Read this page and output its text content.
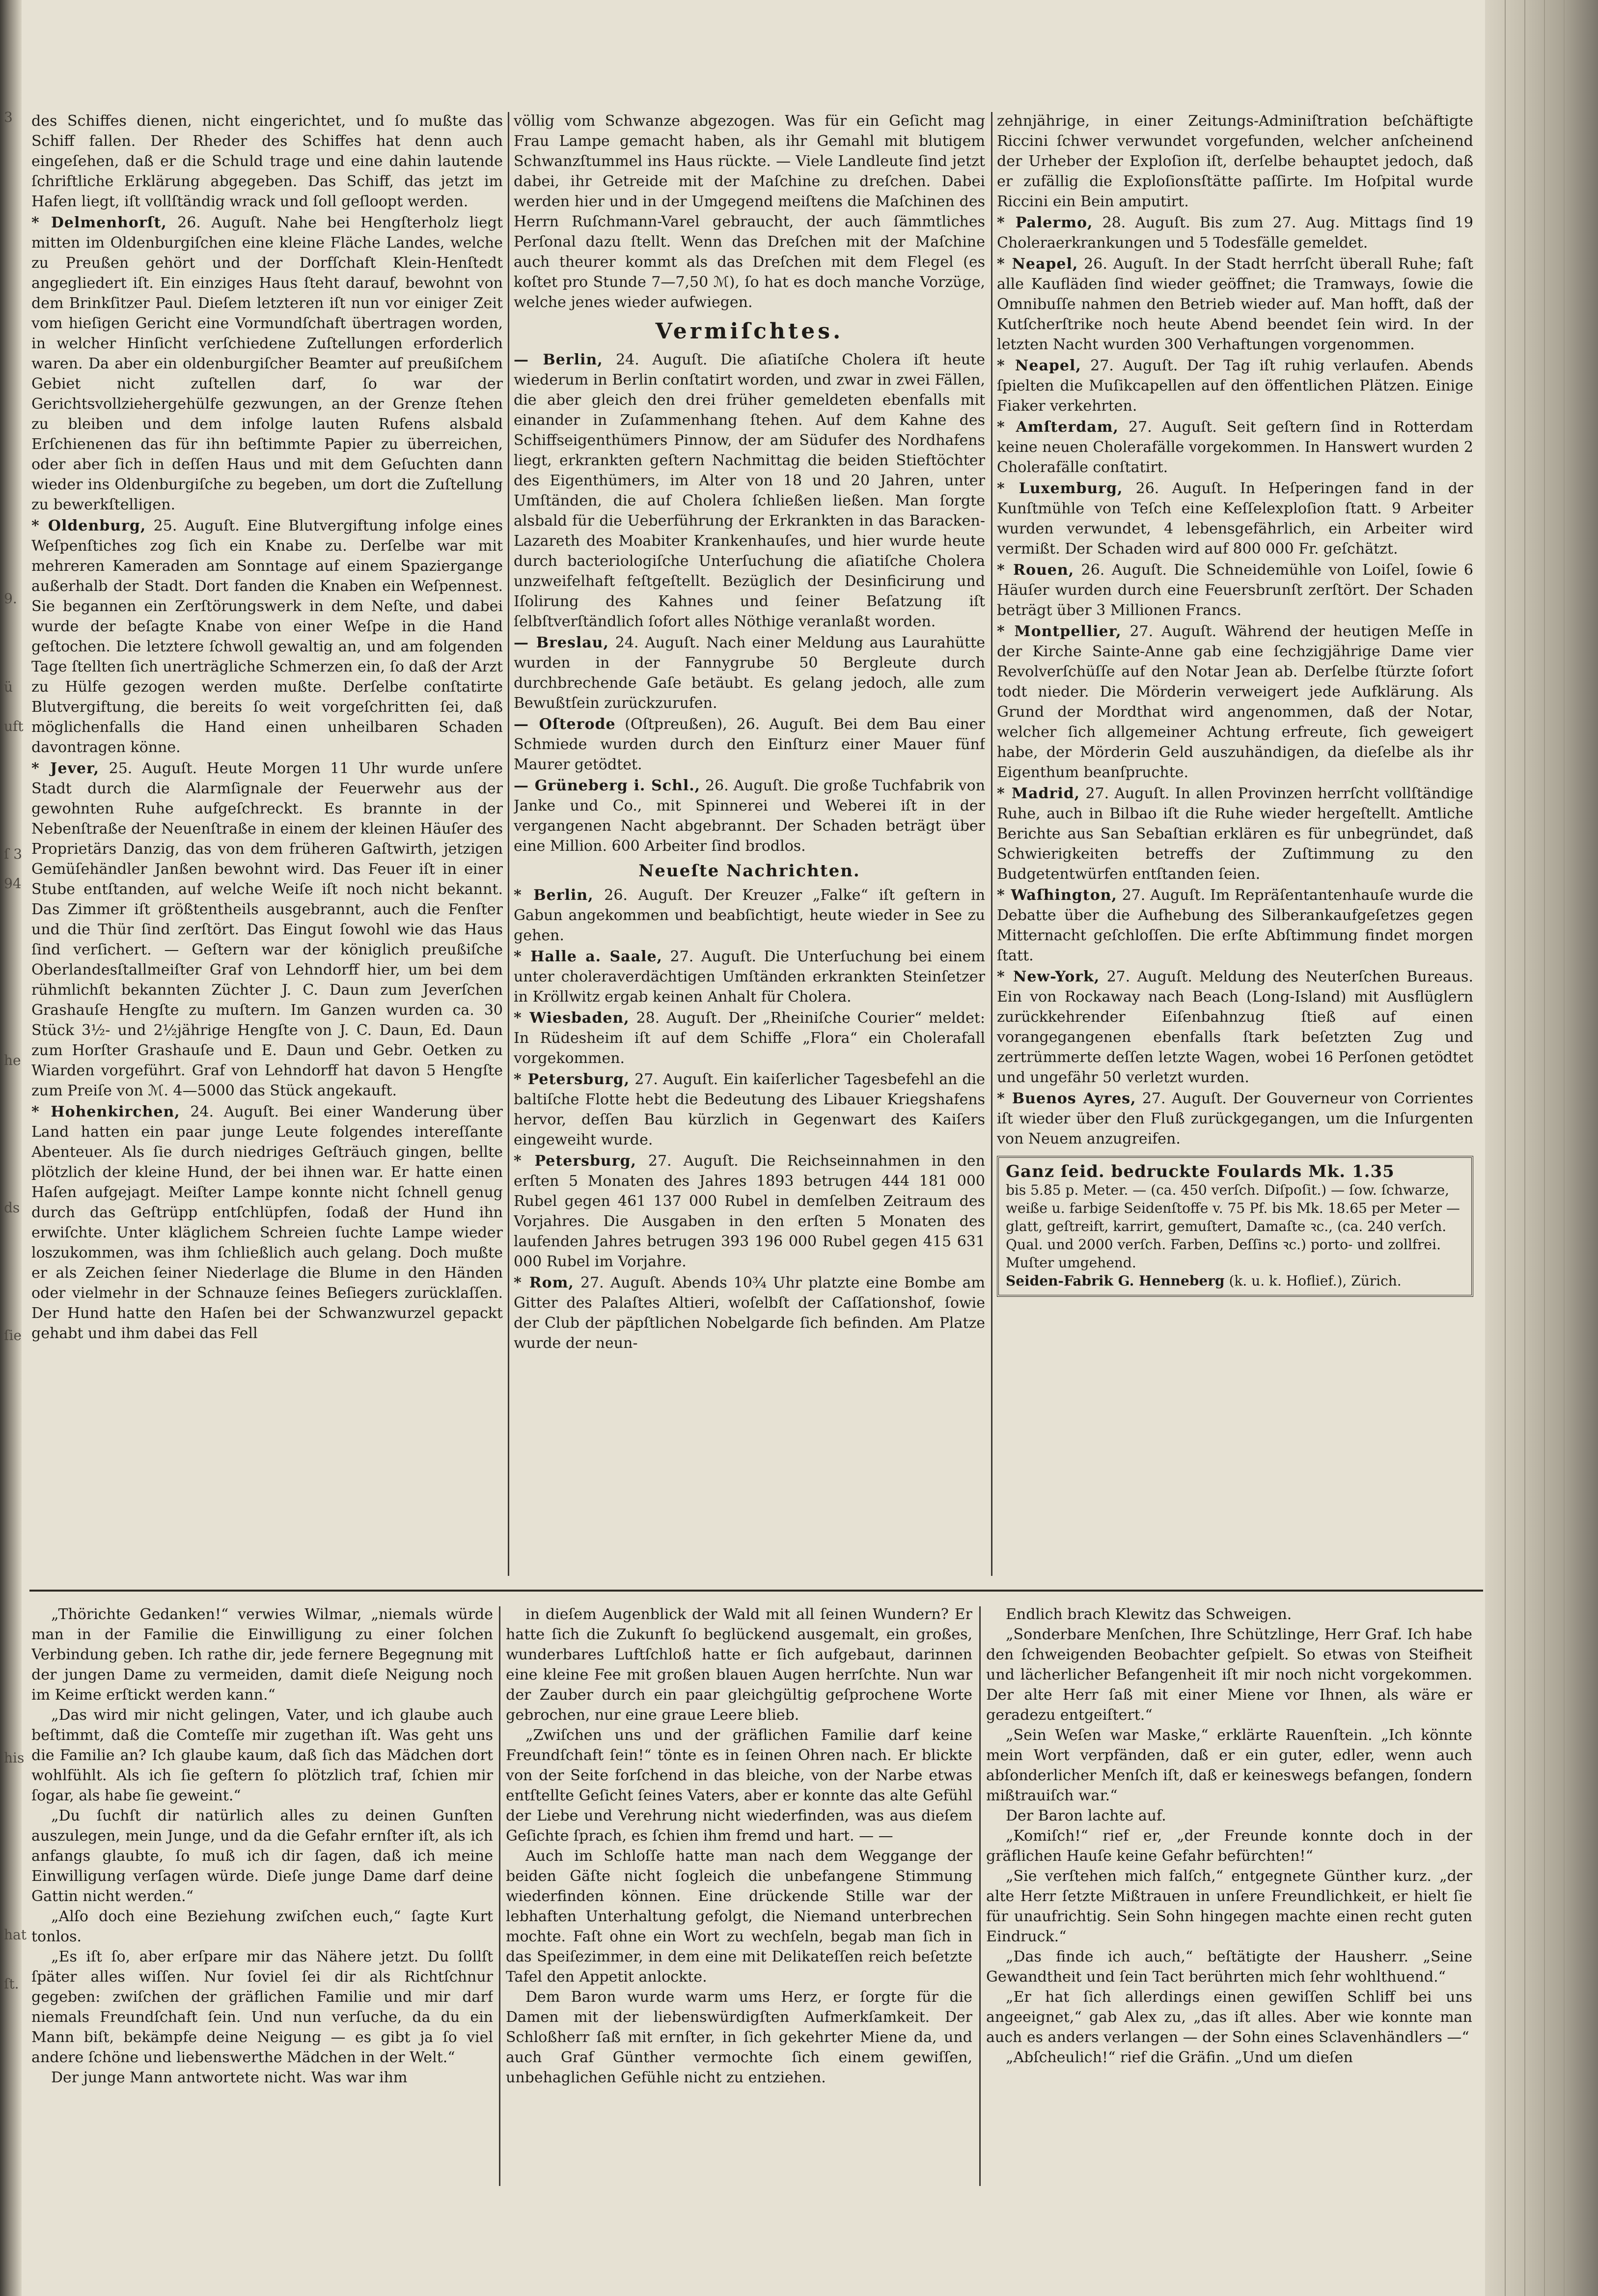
3
9.
ü
uft
ſ 3
94
he
ds
ſie
his
hat
ſt.

des Schiffes dienen, nicht eingerichtet, und ſo mußte das Schiff fallen. Der Rheder des Schiffes hat denn auch eingeſehen, daß er die Schuld trage und eine dahin lautende ſchriftliche Erklärung abgegeben. Das Schiff, das jetzt im Hafen liegt, iſt vollſtändig wrack und ſoll geſloopt werden.

* Delmenhorſt, 26. Auguſt. Nahe bei Hengſterholz liegt mitten im Oldenburgiſchen eine kleine Fläche Landes, welche zu Preußen gehört und der Dorfſchaft Klein-Henſtedt angegliedert iſt. Ein einziges Haus ſteht darauf, bewohnt von dem Brinkſitzer Paul. Dieſem letzteren iſt nun vor einiger Zeit vom hieſigen Gericht eine Vormundſchaft übertragen worden, in welcher Hinſicht verſchiedene Zuſtellungen erforderlich waren. Da aber ein oldenburgiſcher Beamter auf preußiſchem Gebiet nicht zuſtellen darf, ſo war der Gerichtsvollziehergehülfe gezwungen, an der Grenze ſtehen zu bleiben und dem infolge lauten Rufens alsbald Erſchienenen das für ihn beſtimmte Papier zu überreichen, oder aber ſich in deſſen Haus und mit dem Geſuchten dann wieder ins Oldenburgiſche zu begeben, um dort die Zuſtellung zu bewerkſtelligen.

* Oldenburg, 25. Auguſt. Eine Blutvergiftung infolge eines Weſpenſtiches zog ſich ein Knabe zu. Derſelbe war mit mehreren Kameraden am Sonntage auf einem Spaziergange außerhalb der Stadt. Dort fanden die Knaben ein Weſpennest. Sie begannen ein Zerſtörungswerk in dem Neſte, und dabei wurde der beſagte Knabe von einer Weſpe in die Hand geſtochen. Die letztere ſchwoll gewaltig an, und am folgenden Tage ſtellten ſich unerträgliche Schmerzen ein, ſo daß der Arzt zu Hülfe gezogen werden mußte. Derſelbe conſtatirte Blutvergiftung, die bereits ſo weit vorgeſchritten ſei, daß möglichenfalls die Hand einen unheilbaren Schaden davontragen könne.

* Jever, 25. Auguſt. Heute Morgen 11 Uhr wurde unſere Stadt durch die Alarmſignale der Feuerwehr aus der gewohnten Ruhe aufgeſchreckt. Es brannte in der Nebenſtraße der Neuenſtraße in einem der kleinen Häuſer des Proprietärs Danzig, das von dem früheren Gaſtwirth, jetzigen Gemüſehändler Janßen bewohnt wird. Das Feuer iſt in einer Stube entſtanden, auf welche Weiſe iſt noch nicht bekannt. Das Zimmer iſt größtentheils ausgebrannt, auch die Fenſter und die Thür ſind zerſtört. Das Eingut ſowohl wie das Haus ſind verſichert. — Geſtern war der königlich preußiſche Oberlandesſtallmeiſter Graf von Lehndorff hier, um bei dem rühmlichſt bekannten Züchter J. C. Daun zum Jeverſchen Grashauſe Hengſte zu muſtern. Im Ganzen wurden ca. 30 Stück 3½- und 2½jährige Hengſte von J. C. Daun, Ed. Daun zum Horſter Grashauſe und E. Daun und Gebr. Oetken zu Wiarden vorgeführt. Graf von Lehndorff hat davon 5 Hengſte zum Preiſe von ℳ. 4—5000 das Stück angekauft.

* Hohenkirchen, 24. Auguſt. Bei einer Wanderung über Land hatten ein paar junge Leute folgendes intereſſante Abenteuer. Als ſie durch niedriges Geſträuch gingen, bellte plötzlich der kleine Hund, der bei ihnen war. Er hatte einen Haſen aufgejagt. Meiſter Lampe konnte nicht ſchnell genug durch das Geſtrüpp entſchlüpfen, ſodaß der Hund ihn erwiſchte. Unter kläglichem Schreien ſuchte Lampe wieder loszukommen, was ihm ſchließlich auch gelang. Doch mußte er als Zeichen ſeiner Niederlage die Blume in den Händen oder vielmehr in der Schnauze ſeines Beſiegers zurücklaſſen. Der Hund hatte den Haſen bei der Schwanzwurzel gepackt gehabt und ihm dabei das Fell

völlig vom Schwanze abgezogen. Was für ein Geſicht mag Frau Lampe gemacht haben, als ihr Gemahl mit blutigem Schwanzſtummel ins Haus rückte. — Viele Landleute ſind jetzt dabei, ihr Getreide mit der Maſchine zu dreſchen. Dabei werden hier und in der Umgegend meiſtens die Maſchinen des Herrn Ruſchmann-Varel gebraucht, der auch ſämmtliches Perſonal dazu ſtellt. Wenn das Dreſchen mit der Maſchine auch theurer kommt als das Dreſchen mit dem Flegel (es koſtet pro Stunde 7—7,50 ℳ), ſo hat es doch manche Vorzüge, welche jenes wieder aufwiegen.

Vermiſchtes.

— Berlin, 24. Auguſt. Die aſiatiſche Cholera iſt heute wiederum in Berlin conſtatirt worden, und zwar in zwei Fällen, die aber gleich den drei früher gemeldeten ebenfalls mit einander in Zuſammenhang ſtehen. Auf dem Kahne des Schiffseigenthümers Pinnow, der am Südufer des Nordhafens liegt, erkrankten geſtern Nachmittag die beiden Stieftöchter des Eigenthümers, im Alter von 18 und 20 Jahren, unter Umſtänden, die auf Cholera ſchließen ließen. Man ſorgte alsbald für die Ueberführung der Erkrankten in das Baracken-Lazareth des Moabiter Krankenhauſes, und hier wurde heute durch bacteriologiſche Unterſuchung die aſiatiſche Cholera unzweifelhaft feſtgeſtellt. Bezüglich der Desinficirung und Iſolirung des Kahnes und ſeiner Beſatzung iſt ſelbſtverſtändlich ſofort alles Nöthige veranlaßt worden.

— Breslau, 24. Auguſt. Nach einer Meldung aus Laurahütte wurden in der Fannygrube 50 Bergleute durch durchbrechende Gaſe betäubt. Es gelang jedoch, alle zum Bewußtſein zurückzurufen.

— Oſterode (Oſtpreußen), 26. Auguſt. Bei dem Bau einer Schmiede wurden durch den Einſturz einer Mauer fünf Maurer getödtet.

— Grüneberg i. Schl., 26. Auguſt. Die große Tuchfabrik von Janke und Co., mit Spinnerei und Weberei iſt in der vergangenen Nacht abgebrannt. Der Schaden beträgt über eine Million. 600 Arbeiter ſind brodlos.

Neueſte Nachrichten.

* Berlin, 26. Auguſt. Der Kreuzer „Falke“ iſt geſtern in Gabun angekommen und beabſichtigt, heute wieder in See zu gehen.

* Halle a. Saale, 27. Auguſt. Die Unterſuchung bei einem unter choleraverdächtigen Umſtänden erkrankten Steinſetzer in Kröllwitz ergab keinen Anhalt für Cholera.

* Wiesbaden, 28. Auguſt. Der „Rheiniſche Courier“ meldet: In Rüdesheim iſt auf dem Schiffe „Flora“ ein Cholerafall vorgekommen.

* Petersburg, 27. Auguſt. Ein kaiſerlicher Tagesbefehl an die baltiſche Flotte hebt die Bedeutung des Libauer Kriegshafens hervor, deſſen Bau kürzlich in Gegenwart des Kaiſers eingeweiht wurde.

* Petersburg, 27. Auguſt. Die Reichseinnahmen in den erſten 5 Monaten des Jahres 1893 betrugen 444 181 000 Rubel gegen 461 137 000 Rubel in demſelben Zeitraum des Vorjahres. Die Ausgaben in den erſten 5 Monaten des laufenden Jahres betrugen 393 196 000 Rubel gegen 415 631 000 Rubel im Vorjahre.

* Rom, 27. Auguſt. Abends 10¾ Uhr platzte eine Bombe am Gitter des Palaſtes Altieri, woſelbſt der Caſſationshof, ſowie der Club der päpſtlichen Nobelgarde ſich befinden. Am Platze wurde der neun-

zehnjährige, in einer Zeitungs-Adminiſtration beſchäftigte Riccini ſchwer verwundet vorgefunden, welcher anſcheinend der Urheber der Exploſion iſt, derſelbe behauptet jedoch, daß er zufällig die Exploſionsſtätte paſſirte. Im Hoſpital wurde Riccini ein Bein amputirt.

* Palermo, 28. Auguſt. Bis zum 27. Aug. Mittags ſind 19 Choleraerkrankungen und 5 Todesfälle gemeldet.

* Neapel, 26. Auguſt. In der Stadt herrſcht überall Ruhe; faſt alle Kaufläden ſind wieder geöffnet; die Tramways, ſowie die Omnibuſſe nahmen den Betrieb wieder auf. Man hofft, daß der Kutſcherſtrike noch heute Abend beendet ſein wird. In der letzten Nacht wurden 300 Verhaftungen vorgenommen.

* Neapel, 27. Auguſt. Der Tag iſt ruhig verlaufen. Abends ſpielten die Muſikcapellen auf den öffentlichen Plätzen. Einige Fiaker verkehrten.

* Amſterdam, 27. Auguſt. Seit geſtern ſind in Rotterdam keine neuen Cholerafälle vorgekommen. In Hanswert wurden 2 Cholerafälle conſtatirt.

* Luxemburg, 26. Auguſt. In Heſperingen fand in der Kunſtmühle von Teſch eine Keſſelexploſion ſtatt. 9 Arbeiter wurden verwundet, 4 lebensgefährlich, ein Arbeiter wird vermißt. Der Schaden wird auf 800 000 Fr. geſchätzt.

* Rouen, 26. Auguſt. Die Schneidemühle von Loiſel, ſowie 6 Häuſer wurden durch eine Feuersbrunſt zerſtört. Der Schaden beträgt über 3 Millionen Francs.

* Montpellier, 27. Auguſt. Während der heutigen Meſſe in der Kirche Sainte-Anne gab eine ſechzigjährige Dame vier Revolverſchüſſe auf den Notar Jean ab. Derſelbe ſtürzte ſofort todt nieder. Die Mörderin verweigert jede Aufklärung. Als Grund der Mordthat wird angenommen, daß der Notar, welcher ſich allgemeiner Achtung erfreute, ſich geweigert habe, der Mörderin Geld auszuhändigen, da dieſelbe als ihr Eigenthum beanſpruchte.

* Madrid, 27. Auguſt. In allen Provinzen herrſcht vollſtändige Ruhe, auch in Bilbao iſt die Ruhe wieder hergeſtellt. Amtliche Berichte aus San Sebaſtian erklären es für unbegründet, daß Schwierigkeiten betreffs der Zuſtimmung zu den Budgetentwürfen entſtanden ſeien.

* Waſhington, 27. Auguſt. Im Repräſentantenhauſe wurde die Debatte über die Aufhebung des Silberankaufgeſetzes gegen Mitternacht geſchloſſen. Die erſte Abſtimmung findet morgen ſtatt.

* New-York, 27. Auguſt. Meldung des Neuterſchen Bureaus. Ein von Rockaway nach Beach (Long-Island) mit Ausflüglern zurückkehrender Eiſenbahnzug ſtieß auf einen vorangegangenen ebenfalls ſtark beſetzten Zug und zertrümmerte deſſen letzte Wagen, wobei 16 Perſonen getödtet und ungefähr 50 verletzt wurden.

* Buenos Ayres, 27. Auguſt. Der Gouverneur von Corrientes iſt wieder über den Fluß zurückgegangen, um die Inſurgenten von Neuem anzugreifen.

Ganz ſeid. bedruckte Foulards Mk. 1.35
bis 5.85 p. Meter. — (ca. 450 verſch. Diſpoſit.) — ſow. ſchwarze, weiße u. farbige Seidenſtoffe v. 75 Pf. bis Mk. 18.65 per Meter — glatt, geſtreift, karrirt, gemuſtert, Damaſte ꝛc., (ca. 240 verſch. Qual. und 2000 verſch. Farben, Deſſins ꝛc.) porto- und zollfrei. Muſter umgehend.
Seiden-Fabrik G. Henneberg (k. u. k. Hoflief.), Zürich.

„Thörichte Gedanken!“ verwies Wilmar, „niemals würde man in der Familie die Einwilligung zu einer ſolchen Verbindung geben. Ich rathe dir, jede fernere Begegnung mit der jungen Dame zu vermeiden, damit dieſe Neigung noch im Keime erſtickt werden kann.“

„Das wird mir nicht gelingen, Vater, und ich glaube auch beſtimmt, daß die Comteſſe mir zugethan iſt. Was geht uns die Familie an? Ich glaube kaum, daß ſich das Mädchen dort wohlfühlt. Als ich ſie geſtern ſo plötzlich traf, ſchien mir ſogar, als habe ſie geweint.“

„Du ſuchſt dir natürlich alles zu deinen Gunſten auszulegen, mein Junge, und da die Gefahr ernſter iſt, als ich anfangs glaubte, ſo muß ich dir ſagen, daß ich meine Einwilligung verſagen würde. Dieſe junge Dame darf deine Gattin nicht werden.“

„Alſo doch eine Beziehung zwiſchen euch,“ ſagte Kurt tonlos.

„Es iſt ſo, aber erſpare mir das Nähere jetzt. Du ſollſt ſpäter alles wiſſen. Nur ſoviel ſei dir als Richtſchnur gegeben: zwiſchen der gräflichen Familie und mir darf niemals Freundſchaft ſein. Und nun verſuche, da du ein Mann biſt, bekämpfe deine Neigung — es gibt ja ſo viel andere ſchöne und liebenswerthe Mädchen in der Welt.“

Der junge Mann antwortete nicht. Was war ihm

in dieſem Augenblick der Wald mit all ſeinen Wundern? Er hatte ſich die Zukunft ſo beglückend ausgemalt, ein großes, wunderbares Luftſchloß hatte er ſich aufgebaut, darinnen eine kleine Fee mit großen blauen Augen herrſchte. Nun war der Zauber durch ein paar gleichgültig geſprochene Worte gebrochen, nur eine graue Leere blieb.

„Zwiſchen uns und der gräflichen Familie darf keine Freundſchaft ſein!“ tönte es in ſeinen Ohren nach. Er blickte von der Seite forſchend in das bleiche, von der Narbe etwas entſtellte Geſicht ſeines Vaters, aber er konnte das alte Gefühl der Liebe und Verehrung nicht wiederfinden, was aus dieſem Geſichte ſprach, es ſchien ihm fremd und hart. — —

Auch im Schloſſe hatte man nach dem Weggange der beiden Gäſte nicht ſogleich die unbefangene Stimmung wiederfinden können. Eine drückende Stille war der lebhaften Unterhaltung gefolgt, die Niemand unterbrechen mochte. Faſt ohne ein Wort zu wechſeln, begab man ſich in das Speiſezimmer, in dem eine mit Delikateſſen reich beſetzte Tafel den Appetit anlockte.

Dem Baron wurde warm ums Herz, er ſorgte für die Damen mit der liebenswürdigſten Aufmerkſamkeit. Der Schloßherr ſaß mit ernſter, in ſich gekehrter Miene da, und auch Graf Günther vermochte ſich einem gewiſſen, unbehaglichen Gefühle nicht zu entziehen.

Endlich brach Klewitz das Schweigen.

„Sonderbare Menſchen, Ihre Schützlinge, Herr Graf. Ich habe den ſchweigenden Beobachter geſpielt. So etwas von Steifheit und lächerlicher Befangenheit iſt mir noch nicht vorgekommen. Der alte Herr ſaß mit einer Miene vor Ihnen, als wäre er geradezu entgeiſtert.“

„Sein Weſen war Maske,“ erklärte Rauenſtein. „Ich könnte mein Wort verpfänden, daß er ein guter, edler, wenn auch abſonderlicher Menſch iſt, daß er keineswegs befangen, ſondern mißtrauiſch war.“

Der Baron lachte auf.

„Komiſch!“ rief er, „der Freunde konnte doch in der gräflichen Hauſe keine Gefahr befürchten!“

„Sie verſtehen mich falſch,“ entgegnete Günther kurz. „der alte Herr ſetzte Mißtrauen in unſere Freundlichkeit, er hielt ſie für unaufrichtig. Sein Sohn hingegen machte einen recht guten Eindruck.“

„Das finde ich auch,“ beſtätigte der Hausherr. „Seine Gewandtheit und ſein Tact berührten mich ſehr wohlthuend.“

„Er hat ſich allerdings einen gewiſſen Schliff bei uns angeeignet,“ gab Alex zu, „das iſt alles. Aber wie konnte man auch es anders verlangen — der Sohn eines Sclavenhändlers —“

„Abſcheulich!“ rief die Gräfin. „Und um dieſen
